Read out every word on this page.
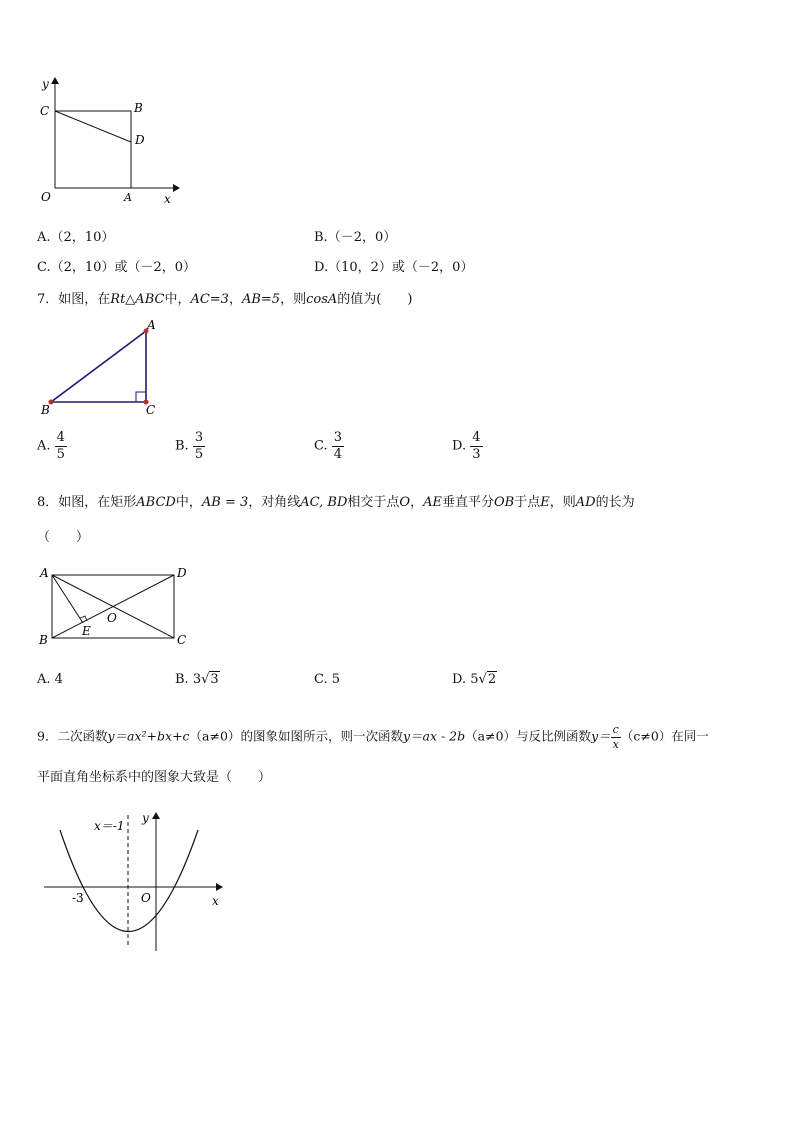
y
C	B
D
O	A	x
A.（2，10）	B.（－2，0）
C.（2，10）或（－2，0）	D.（10，2）或（－2，0）
7．如图，在Rt△ABC中，AC=3，AB=5，则cosA的值为(　　)
A
B	C
A. $\frac{4}{5}$	B. $\frac{3}{5}$	C. $\frac{3}{4}$	D. $\frac{4}{3}$
8．如图，在矩形ABCD中，AB = 3，对角线AC, BD相交于点O，AE垂直平分OB于点E，则AD的长为
（　　）
A	D
B	C
E
O
A. 4	B. 3√3	C. 5	D. 5√2
9．二次函数y＝ax²+bx+c（a≠0）的图象如图所示，则一次函数y＝ax - 2b（a≠0）与反比例函数$y= \frac{c}{x} (c\ne 0)$在同一
平面直角坐标系中的图象大致是（　　）
x＝-1
y
-3	O	x
